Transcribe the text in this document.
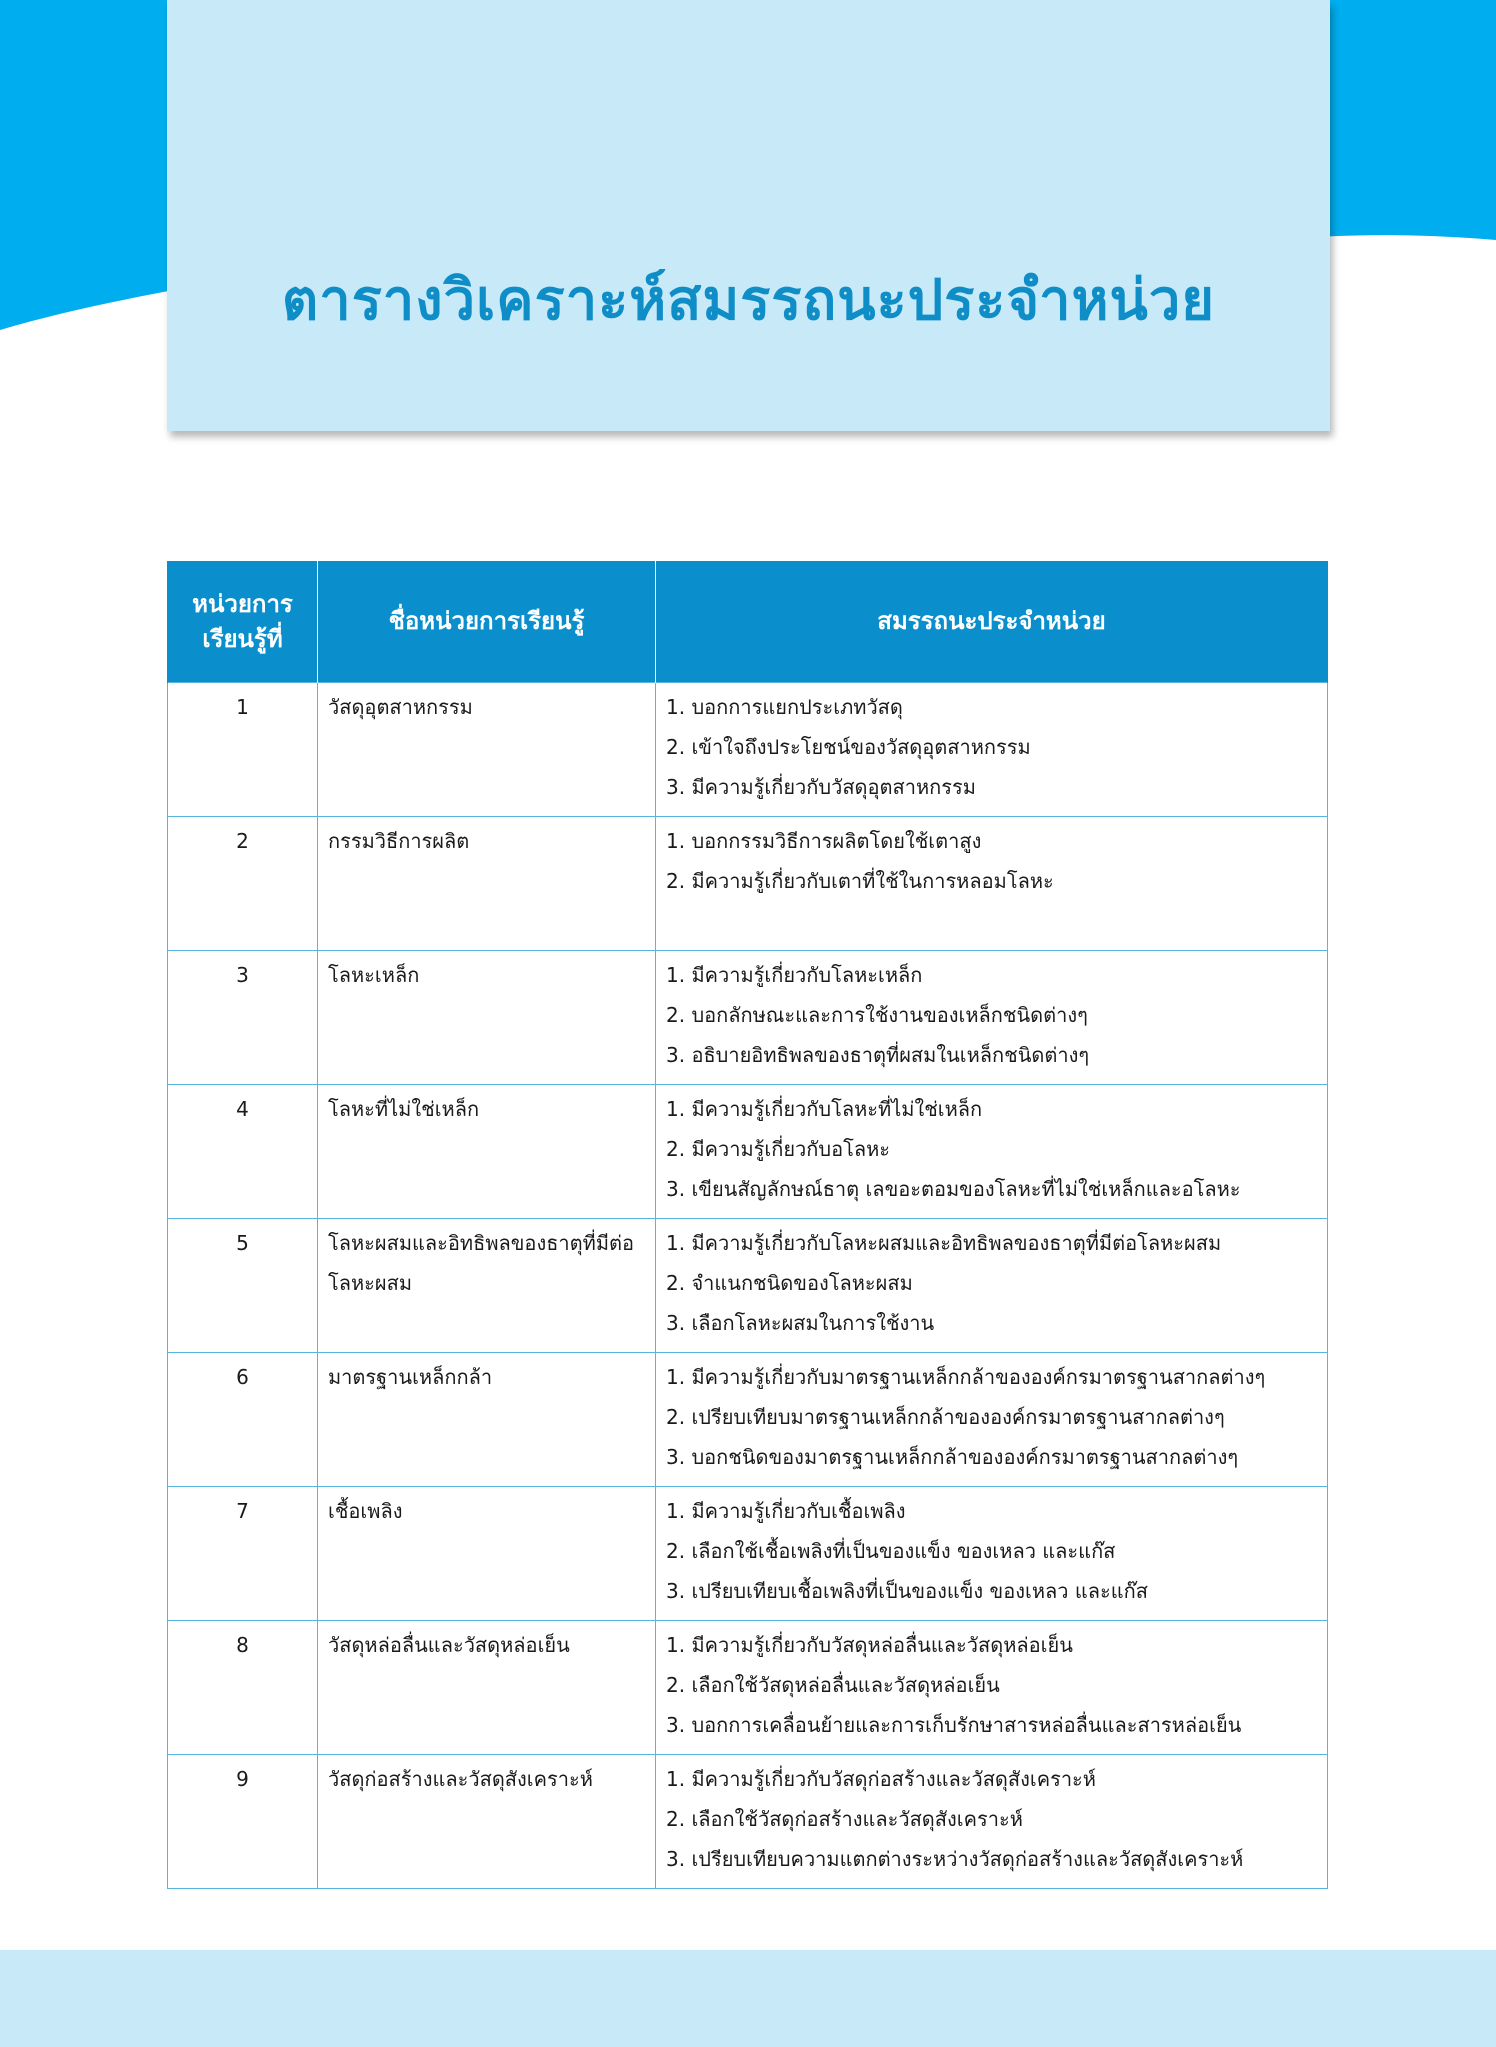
ตารางวิเคราะห์สมรรถนะประจำหน่วย
หน่วยการ
เรียนรู้ที่	ชื่อหน่วยการเรียนรู้	สมรรถนะประจำหน่วย
1	วัสดุอุตสาหกรรม	1. บอกการแยกประเภทวัสดุ
2. เข้าใจถึงประโยชน์ของวัสดุอุตสาหกรรม
3. มีความรู้เกี่ยวกับวัสดุอุตสาหกรรม

2	กรรมวิธีการผลิต	1. บอกกรรมวิธีการผลิตโดยใช้เตาสูง
2. มีความรู้เกี่ยวกับเตาที่ใช้ในการหลอมโลหะ

3	โลหะเหล็ก	1. มีความรู้เกี่ยวกับโลหะเหล็ก
2. บอกลักษณะและการใช้งานของเหล็กชนิดต่างๆ
3. อธิบายอิทธิพลของธาตุที่ผสมในเหล็กชนิดต่างๆ

4	โลหะที่ไม่ใช่เหล็ก	1. มีความรู้เกี่ยวกับโลหะที่ไม่ใช่เหล็ก
2. มีความรู้เกี่ยวกับอโลหะ
3. เขียนสัญลักษณ์ธาตุ เลขอะตอมของโลหะที่ไม่ใช่เหล็กและอโลหะ

5	โลหะผสมและอิทธิพลของธาตุที่มีต่อโลหะผสม	1. มีความรู้เกี่ยวกับโลหะผสมและอิทธิพลของธาตุที่มีต่อโลหะผสม
2. จำแนกชนิดของโลหะผสม
3. เลือกโลหะผสมในการใช้งาน

6	มาตรฐานเหล็กกล้า	1. มีความรู้เกี่ยวกับมาตรฐานเหล็กกล้าขององค์กรมาตรฐานสากลต่างๆ
2. เปรียบเทียบมาตรฐานเหล็กกล้าขององค์กรมาตรฐานสากลต่างๆ
3. บอกชนิดของมาตรฐานเหล็กกล้าขององค์กรมาตรฐานสากลต่างๆ

7	เชื้อเพลิง	1. มีความรู้เกี่ยวกับเชื้อเพลิง
2. เลือกใช้เชื้อเพลิงที่เป็นของแข็ง ของเหลว และแก๊ส
3. เปรียบเทียบเชื้อเพลิงที่เป็นของแข็ง ของเหลว และแก๊ส

8	วัสดุหล่อลื่นและวัสดุหล่อเย็น	1. มีความรู้เกี่ยวกับวัสดุหล่อลื่นและวัสดุหล่อเย็น
2. เลือกใช้วัสดุหล่อลื่นและวัสดุหล่อเย็น
3. บอกการเคลื่อนย้ายและการเก็บรักษาสารหล่อลื่นและสารหล่อเย็น

9	วัสดุก่อสร้างและวัสดุสังเคราะห์	1. มีความรู้เกี่ยวกับวัสดุก่อสร้างและวัสดุสังเคราะห์
2. เลือกใช้วัสดุก่อสร้างและวัสดุสังเคราะห์
3. เปรียบเทียบความแตกต่างระหว่างวัสดุก่อสร้างและวัสดุสังเคราะห์
